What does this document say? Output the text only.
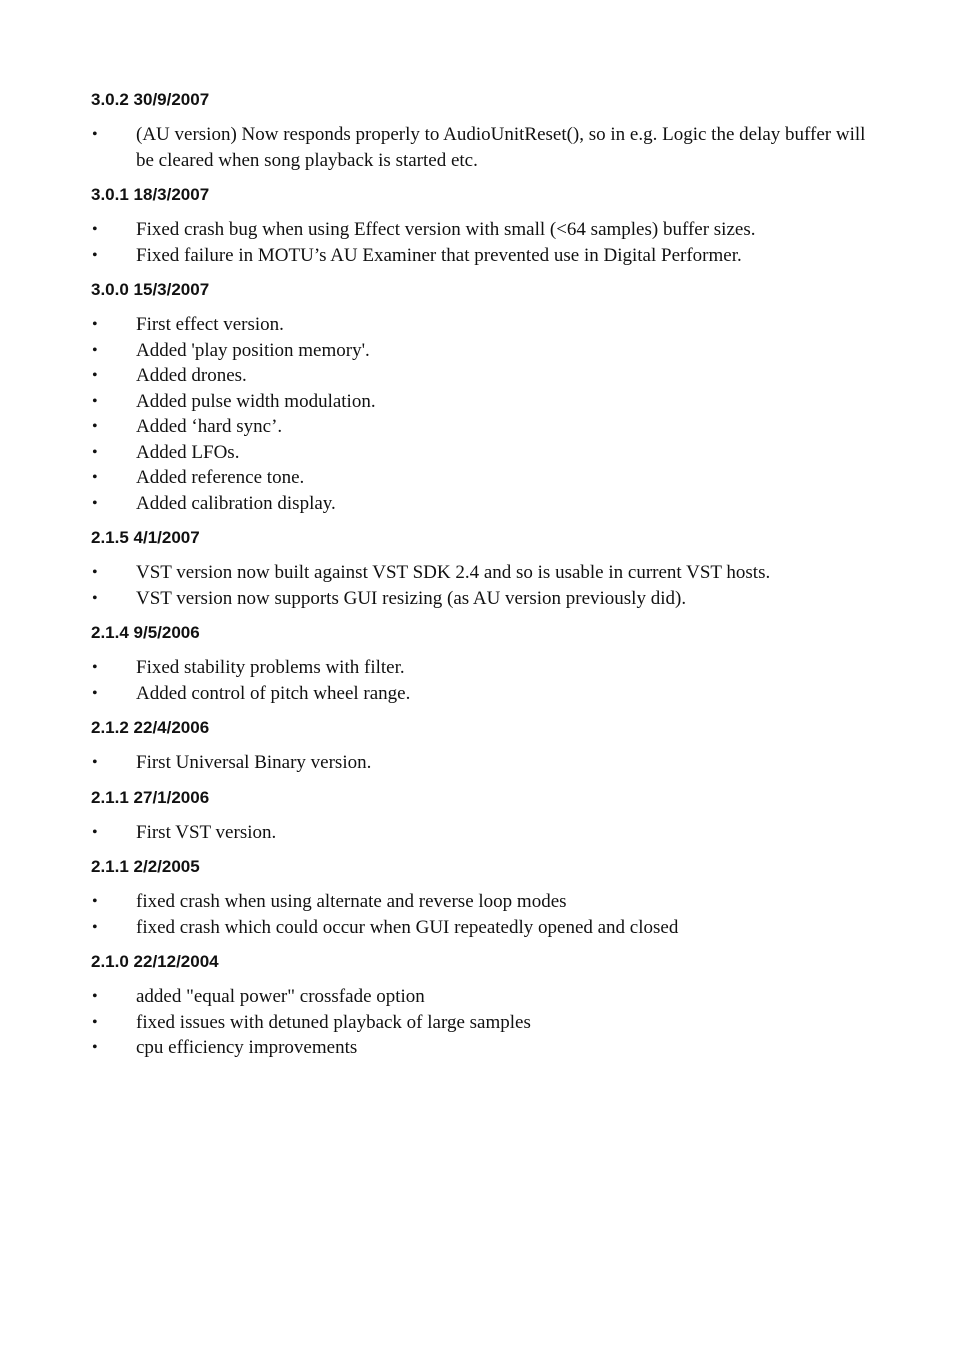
3.0.2 30/9/2007
• (AU version) Now responds properly to AudioUnitReset(), so in e.g. Logic the delay buffer will be cleared when song playback is started etc.
3.0.1 18/3/2007
• Fixed crash bug when using Effect version with small (<64 samples) buffer sizes.
• Fixed failure in MOTU’s AU Examiner that prevented use in Digital Performer.
3.0.0 15/3/2007
• First effect version.
• Added 'play position memory'.
• Added drones.
• Added pulse width modulation.
• Added ‘hard sync’.
• Added LFOs.
• Added reference tone.
• Added calibration display.
2.1.5 4/1/2007
• VST version now built against VST SDK 2.4 and so is usable in current VST hosts.
• VST version now supports GUI resizing (as AU version previously did).
2.1.4 9/5/2006
• Fixed stability problems with filter.
• Added control of pitch wheel range.
2.1.2 22/4/2006
• First Universal Binary version.
2.1.1 27/1/2006
• First VST version.
2.1.1 2/2/2005
• fixed crash when using alternate and reverse loop modes
• fixed crash which could occur when GUI repeatedly opened and closed
2.1.0 22/12/2004
• added "equal power" crossfade option
• fixed issues with detuned playback of large samples
• cpu efficiency improvements
